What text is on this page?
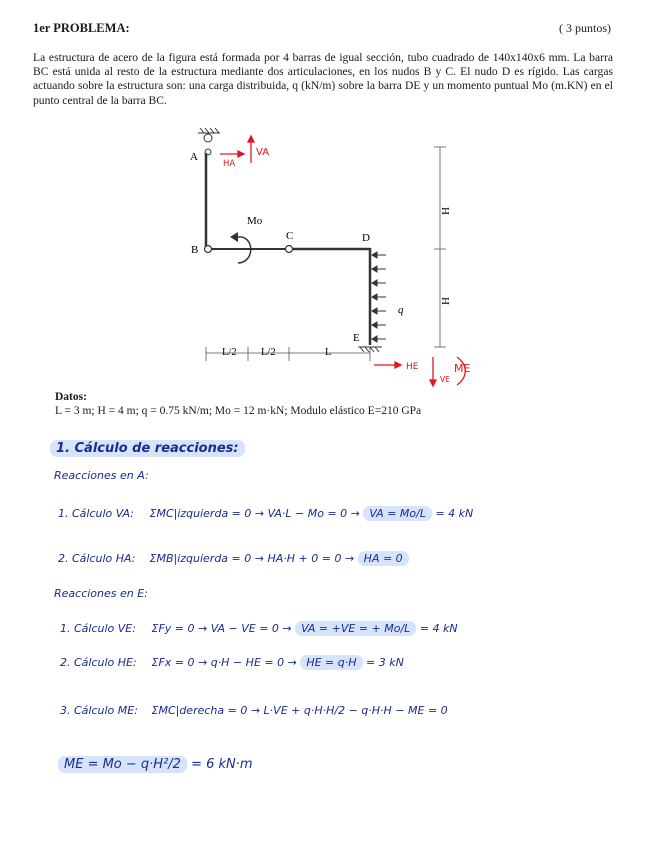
1er PROBLEMA:	( 3 puntos)
La estructura de acero de la figura está formada por 4 barras de igual sección, tubo cuadrado de 140x140x6 mm. La barra BC está unida al resto de la estructura mediante dos articulaciones, en los nudos B y C. El nudo D es rígido. Las cargas actuando sobre la estructura son: una carga distribuida, q (kN/m) sobre la barra DE y un momento puntual Mo (m.KN) en el punto central de la barra BC.
H
H
L/2 L/2	L
A
B
C	D
E
Mo
q
HA
VA
HE
VE
ME
Datos:
L = 3 m; H = 4 m; q = 0.75 kN/m; Mo = 12 m·kN; Modulo elástico E=210 GPa
1. Cálculo de reacciones:
Reacciones en A:
1. Cálculo VA: ΣMC|izquierda = 0 → VA·L − Mo = 0 → VA = Mo/L = 4 kN
2. Cálculo HA: ΣMB|izquierda = 0 → HA·H + 0 = 0 → HA = 0
Reacciones en E:
1. Cálculo VE: ΣFy = 0 → VA − VE = 0 → VA = +VE = + Mo/L = 4 kN
2. Cálculo HE: ΣFx = 0 → q·H − HE = 0 → HE = q·H = 3 kN
3. Cálculo ME: ΣMC|derecha = 0 → L·VE + q·H·H/2 − q·H·H − ME = 0
ME = Mo − q·H²/2 = 6 kN·m
